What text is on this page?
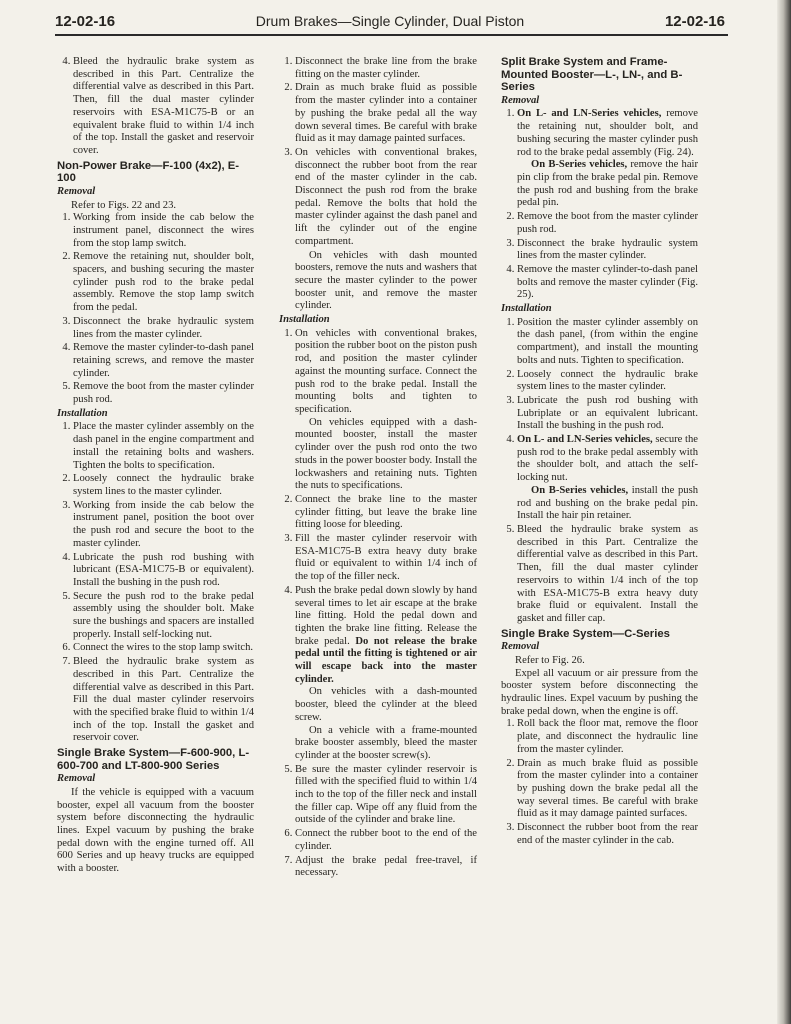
12-02-16	Drum Brakes—Single Cylinder, Dual Piston	12-02-16
4. Bleed the hydraulic brake system as described in this Part. Centralize the differential valve as described in this Part. Then, fill the dual master cylinder reservoirs with ESA-M1C75-B or an equivalent brake fluid to within 1/4 inch of the top. Install the gasket and reservoir cover.
Non-Power Brake—F-100 (4x2), E-100
Removal

Refer to Figs. 22 and 23.

1. Working from inside the cab below the instrument panel, disconnect the wires from the stop lamp switch.
2. Remove the retaining nut, shoulder bolt, spacers, and bushing securing the master cylinder push rod to the brake pedal assembly. Remove the stop lamp switch from the pedal.
3. Disconnect the brake hydraulic system lines from the master cylinder.
4. Remove the master cylinder-to-dash panel retaining screws, and remove the master cylinder.
5. Remove the boot from the master cylinder push rod.
Installation
1. Place the master cylinder assembly on the dash panel in the engine compartment and install the retaining bolts and washers. Tighten the bolts to specification.
2. Loosely connect the hydraulic brake system lines to the master cylinder.
3. Working from inside the cab below the instrument panel, position the boot over the push rod and secure the boot to the master cylinder.
4. Lubricate the push rod bushing with lubricant (ESA-M1C75-B or equivalent). Install the bushing in the push rod.
5. Secure the push rod to the brake pedal assembly using the shoulder bolt. Make sure the bushings and spacers are installed properly. Install self-locking nut.
6. Connect the wires to the stop lamp switch.
7. Bleed the hydraulic brake system as described in this Part. Centralize the differential valve as described in this Part. Fill the dual master cylinder reservoirs with the specified brake fluid to within 1/4 inch of the top. Install the gasket and reservoir cover.
Single Brake System—F-600-900, L-600-700 and LT-800-900 Series
Removal

If the vehicle is equipped with a vacuum booster, expel all vacuum from the booster system before disconnecting the hydraulic lines. Expel vacuum by pushing the brake pedal down with the engine turned off. All 600 Series and up heavy trucks are equipped with a booster.

1. Disconnect the brake line from the brake fitting on the master cylinder.
2. Drain as much brake fluid as possible from the master cylinder into a container by pushing the brake pedal all the way down several times. Be careful with brake fluid as it may damage painted surfaces.
3. On vehicles with conventional brakes, disconnect the rubber boot from the rear end of the master cylinder in the cab. Disconnect the push rod from the brake pedal. Remove the bolts that hold the master cylinder against the dash panel and lift the cylinder out of the engine compartment.

On vehicles with dash mounted boosters, remove the nuts and washers that secure the master cylinder to the power booster unit, and remove the master cylinder.

Installation
1. On vehicles with conventional brakes, position the rubber boot on the piston push rod, and position the master cylinder against the mounting surface. Connect the push rod to the brake pedal. Install the mounting bolts and tighten to specification.

On vehicles equipped with a dash-mounted booster, install the master cylinder over the push rod onto the two studs in the power booster body. Install the lockwashers and retaining nuts. Tighten the nuts to specifications.

2. Connect the brake line to the master cylinder fitting, but leave the brake line fitting loose for bleeding.
3. Fill the master cylinder reservoir with ESA-M1C75-B extra heavy duty brake fluid or equivalent to within 1/4 inch of the top of the filler neck.
4. Push the brake pedal down slowly by hand several times to let air escape at the brake line fitting. Hold the pedal down and tighten the brake line fitting. Release the brake pedal. Do not release the brake pedal until the fitting is tightened or air will escape back into the master cylinder.

On vehicles with a dash-mounted booster, bleed the cylinder at the bleed screw.

On a vehicle with a frame-mounted brake booster assembly, bleed the master cylinder at the booster screw(s).

5. Be sure the master cylinder reservoir is filled with the specified fluid to within 1/4 inch to the top of the filler neck and install the filler cap. Wipe off any fluid from the outside of the cylinder and brake line.
6. Connect the rubber boot to the end of the cylinder.
7. Adjust the brake pedal free-travel, if necessary.
Split Brake System and Frame-Mounted Booster—L-, LN-, and B-Series
Removal
1. On L- and LN-Series vehicles, remove the retaining nut, shoulder bolt, and bushing securing the master cylinder push rod to the brake pedal assembly (Fig. 24).

On B-Series vehicles, remove the hair pin clip from the brake pedal pin. Remove the push rod and bushing from the brake pedal pin.

2. Remove the boot from the master cylinder push rod.
3. Disconnect the brake hydraulic system lines from the master cylinder.
4. Remove the master cylinder-to-dash panel bolts and remove the master cylinder (Fig. 25).
Installation
1. Position the master cylinder assembly on the dash panel, (from within the engine compartment), and install the mounting bolts and nuts. Tighten to specification.
2. Loosely connect the hydraulic brake system lines to the master cylinder.
3. Lubricate the push rod bushing with Lubriplate or an equivalent lubricant. Install the bushing in the push rod.
4. On L- and LN-Series vehicles, secure the push rod to the brake pedal assembly with the shoulder bolt, and attach the self-locking nut.

On B-Series vehicles, install the push rod and bushing on the brake pedal pin. Install the hair pin retainer.

5. Bleed the hydraulic brake system as described in this Part. Centralize the differential valve as described in this Part. Then, fill the dual master cylinder reservoirs to within 1/4 inch of the top with ESA-M1C75-B extra heavy duty brake fluid or equivalent. Install the gasket and filler cap.
Single Brake System—C-Series
Removal

Refer to Fig. 26.

Expel all vacuum or air pressure from the booster system before disconnecting the hydraulic lines. Expel vacuum by pushing the brake pedal down, when the engine is off.

1. Roll back the floor mat, remove the floor plate, and disconnect the hydraulic line from the master cylinder.
2. Drain as much brake fluid as possible from the master cylinder into a container by pushing down the brake pedal all the way several times. Be careful with brake fluid as it may damage painted surfaces.
3. Disconnect the rubber boot from the rear end of the master cylinder in the cab.
